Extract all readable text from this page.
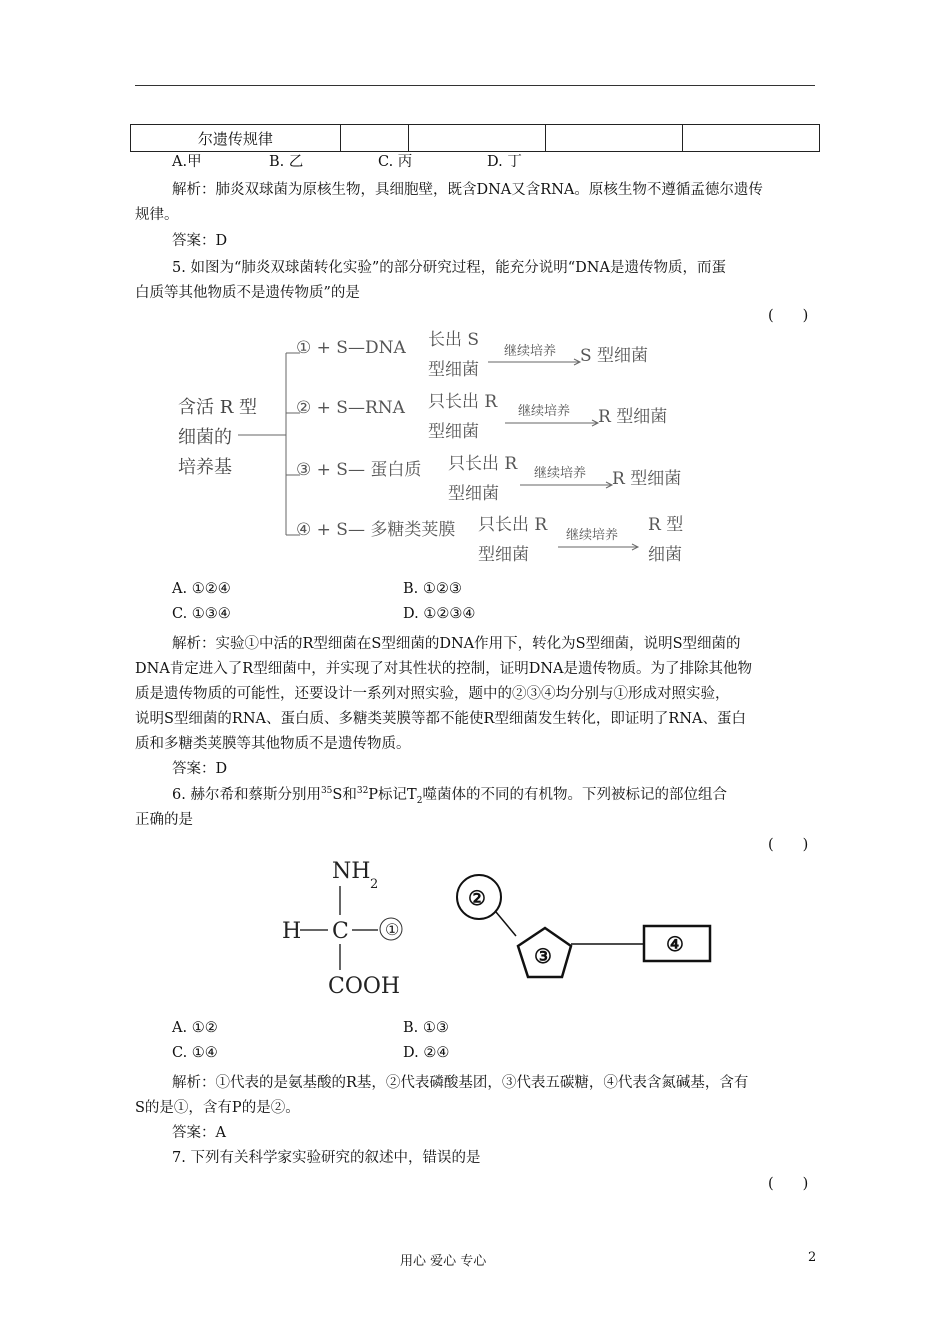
尔遗传规律				
A.甲	B. 乙	C. 丙	D. 丁
解析：肺炎双球菌为原核生物，具细胞壁，既含DNA又含RNA。原核生物不遵循孟德尔遗传
规律。
答案：D
5. 如图为“肺炎双球菌转化实验”的部分研究过程，能充分说明“DNA是遗传物质，而蛋
白质等其他物质不是遗传物质”的是
(　　)
含活 R 型
细菌的
培养基
① + S—DNA 长出 S
型细菌
继续培养 S 型细菌
② + S—RNA 只长出 R
型细菌
继续培养 R 型细菌
③ + S— 蛋白质 只长出 R
型细菌
继续培养 R 型细菌
④ + S— 多糖类荚膜 只长出 R
型细菌
继续培养
R 型
细菌
A. ①②④	B. ①②③
C. ①③④	D. ①②③④
解析：实验①中活的R型细菌在S型细菌的DNA作用下，转化为S型细菌，说明S型细菌的
DNA肯定进入了R型细菌中，并实现了对其性状的控制，证明DNA是遗传物质。为了排除其他物
质是遗传物质的可能性，还要设计一系列对照实验，题中的②③④均分别与①形成对照实验，
说明S型细菌的RNA、蛋白质、多糖类荚膜等都不能使R型细菌发生转化，即证明了RNA、蛋白
质和多糖类荚膜等其他物质不是遗传物质。
答案：D
6. 赫尔希和蔡斯分别用$^{35}$S和$^{32}$P标记$T_2$噬菌体的不同的有机物。下列被标记的部位组合
正确的是
(　　)
NH
2
H C
COOH
①
②
③	④
A. ①②	B. ①③
C. ①④	D. ②④
解析：①代表的是氨基酸的R基，②代表磷酸基团，③代表五碳糖，④代表含氮碱基，含有
S的是①，含有P的是②。
答案：A
7. 下列有关科学家实验研究的叙述中，错误的是
(　　)
用心 爱心 专心	2
